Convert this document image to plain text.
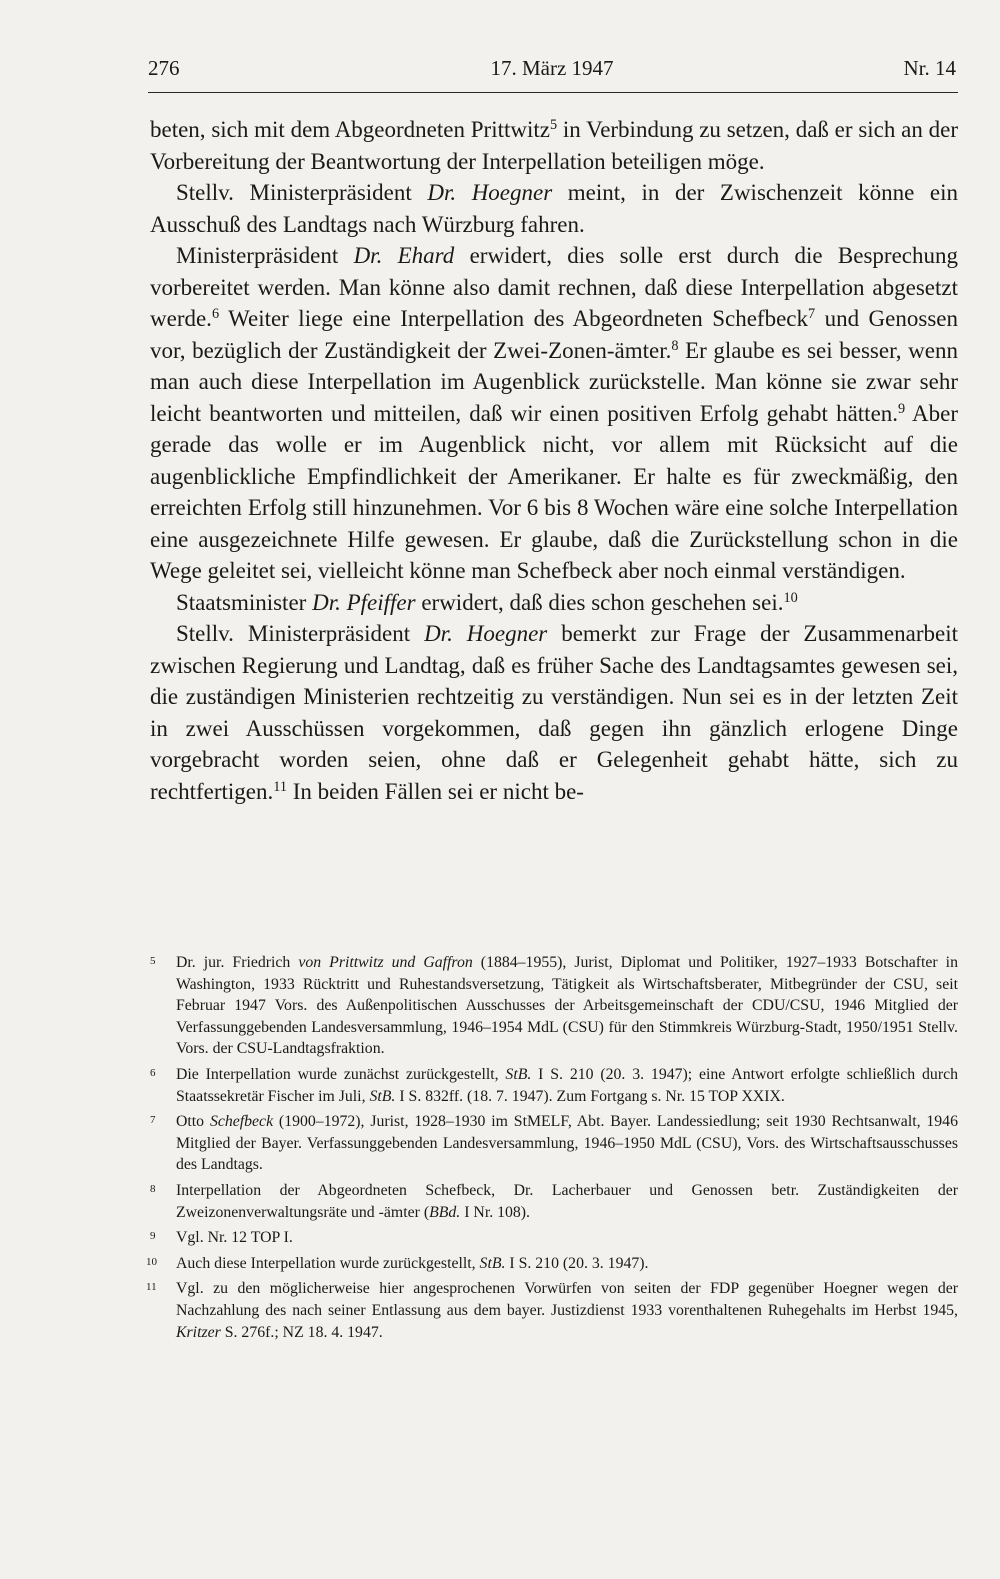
276	17. März 1947	Nr. 14

beten, sich mit dem Abgeordneten Prittwitz$^5$ in Verbindung zu setzen, daß er sich an der Vorbereitung der Beantwortung der Interpellation beteiligen möge.

Stellv. Ministerpräsident Dr. Hoegner meint, in der Zwischenzeit könne ein Ausschuß des Landtags nach Würzburg fahren.

Ministerpräsident Dr. Ehard erwidert, dies solle erst durch die Besprechung vorbereitet werden. Man könne also damit rechnen, daß diese Interpellation abgesetzt werde.$^6$ Weiter liege eine Interpellation des Abgeordneten Schefbeck$^7$ und Genossen vor, bezüglich der Zuständigkeit der Zwei-Zonen-ämter.$^8$ Er glaube es sei besser, wenn man auch diese Interpellation im Augenblick zurückstelle. Man könne sie zwar sehr leicht beantworten und mitteilen, daß wir einen positiven Erfolg gehabt hätten.$^9$ Aber gerade das wolle er im Augenblick nicht, vor allem mit Rücksicht auf die augenblickliche Empfindlichkeit der Amerikaner. Er halte es für zweckmäßig, den erreichten Erfolg still hinzunehmen. Vor 6 bis 8 Wochen wäre eine solche Interpellation eine ausgezeichnete Hilfe gewesen. Er glaube, daß die Zurückstellung schon in die Wege geleitet sei, vielleicht könne man Schefbeck aber noch einmal verständigen.

Staatsminister Dr. Pfeiffer erwidert, daß dies schon geschehen sei.$^{10}$

Stellv. Ministerpräsident Dr. Hoegner bemerkt zur Frage der Zusammenarbeit zwischen Regierung und Landtag, daß es früher Sache des Landtagsamtes gewesen sei, die zuständigen Ministerien rechtzeitig zu verständigen. Nun sei es in der letzten Zeit in zwei Ausschüssen vorgekommen, daß gegen ihn gänzlich erlogene Dinge vorgebracht worden seien, ohne daß er Gelegenheit gehabt hätte, sich zu rechtfertigen.$^{11}$ In beiden Fällen sei er nicht be-

5	Dr. jur. Friedrich von Prittwitz und Gaffron (1884–1955), Jurist, Diplomat und Politiker, 1927–1933 Botschafter in Washington, 1933 Rücktritt und Ruhestandsversetzung, Tätigkeit als Wirtschaftsberater, Mitbegründer der CSU, seit Februar 1947 Vors. des Außenpolitischen Ausschusses der Arbeitsgemeinschaft der CDU/CSU, 1946 Mitglied der Verfassunggebenden Landesversammlung, 1946–1954 MdL (CSU) für den Stimmkreis Würzburg-Stadt, 1950/1951 Stellv. Vors. der CSU-Landtagsfraktion.
6	Die Interpellation wurde zunächst zurückgestellt, StB. I S. 210 (20. 3. 1947); eine Antwort erfolgte schließlich durch Staatssekretär Fischer im Juli, StB. I S. 832ff. (18. 7. 1947). Zum Fortgang s. Nr. 15 TOP XXIX.
7	Otto Schefbeck (1900–1972), Jurist, 1928–1930 im StMELF, Abt. Bayer. Landessiedlung; seit 1930 Rechtsanwalt, 1946 Mitglied der Bayer. Verfassunggebenden Landesversammlung, 1946–1950 MdL (CSU), Vors. des Wirtschaftsausschusses des Landtags.
8	Interpellation der Abgeordneten Schefbeck, Dr. Lacherbauer und Genossen betr. Zuständigkeiten der Zweizonenverwaltungsräte und -ämter (BBd. I Nr. 108).
9	Vgl. Nr. 12 TOP I.
10	Auch diese Interpellation wurde zurückgestellt, StB. I S. 210 (20. 3. 1947).
11	Vgl. zu den möglicherweise hier angesprochenen Vorwürfen von seiten der FDP gegenüber Hoegner wegen der Nachzahlung des nach seiner Entlassung aus dem bayer. Justizdienst 1933 vorenthaltenen Ruhegehalts im Herbst 1945, Kritzer S. 276f.; NZ 18. 4. 1947.
